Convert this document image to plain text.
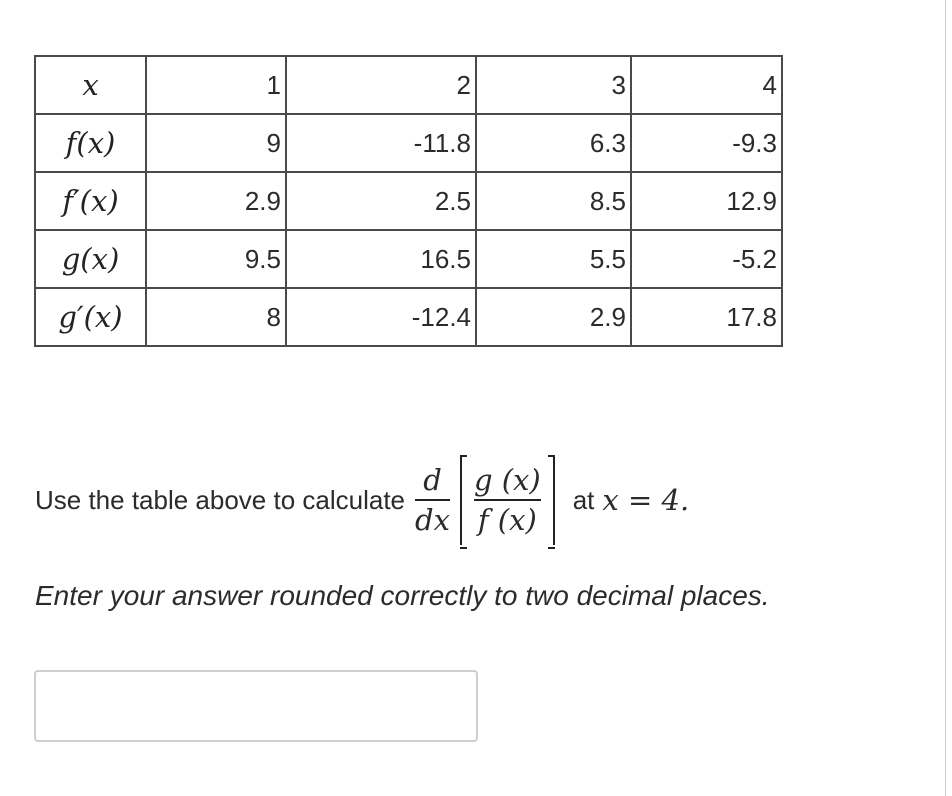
x	1	2	3	4
f(x)	9	-11.8	6.3	-9.3
f′(x)	2.9	2.5	8.5	12.9
g(x)	9.5	16.5	5.5	-5.2
g′(x)	8	-12.4	2.9	17.8
Use the table above to calculate $\frac{d}{dx} \frac{g (x)}{f (x)}$ at x = 4.
Enter your answer rounded correctly to two decimal places.
